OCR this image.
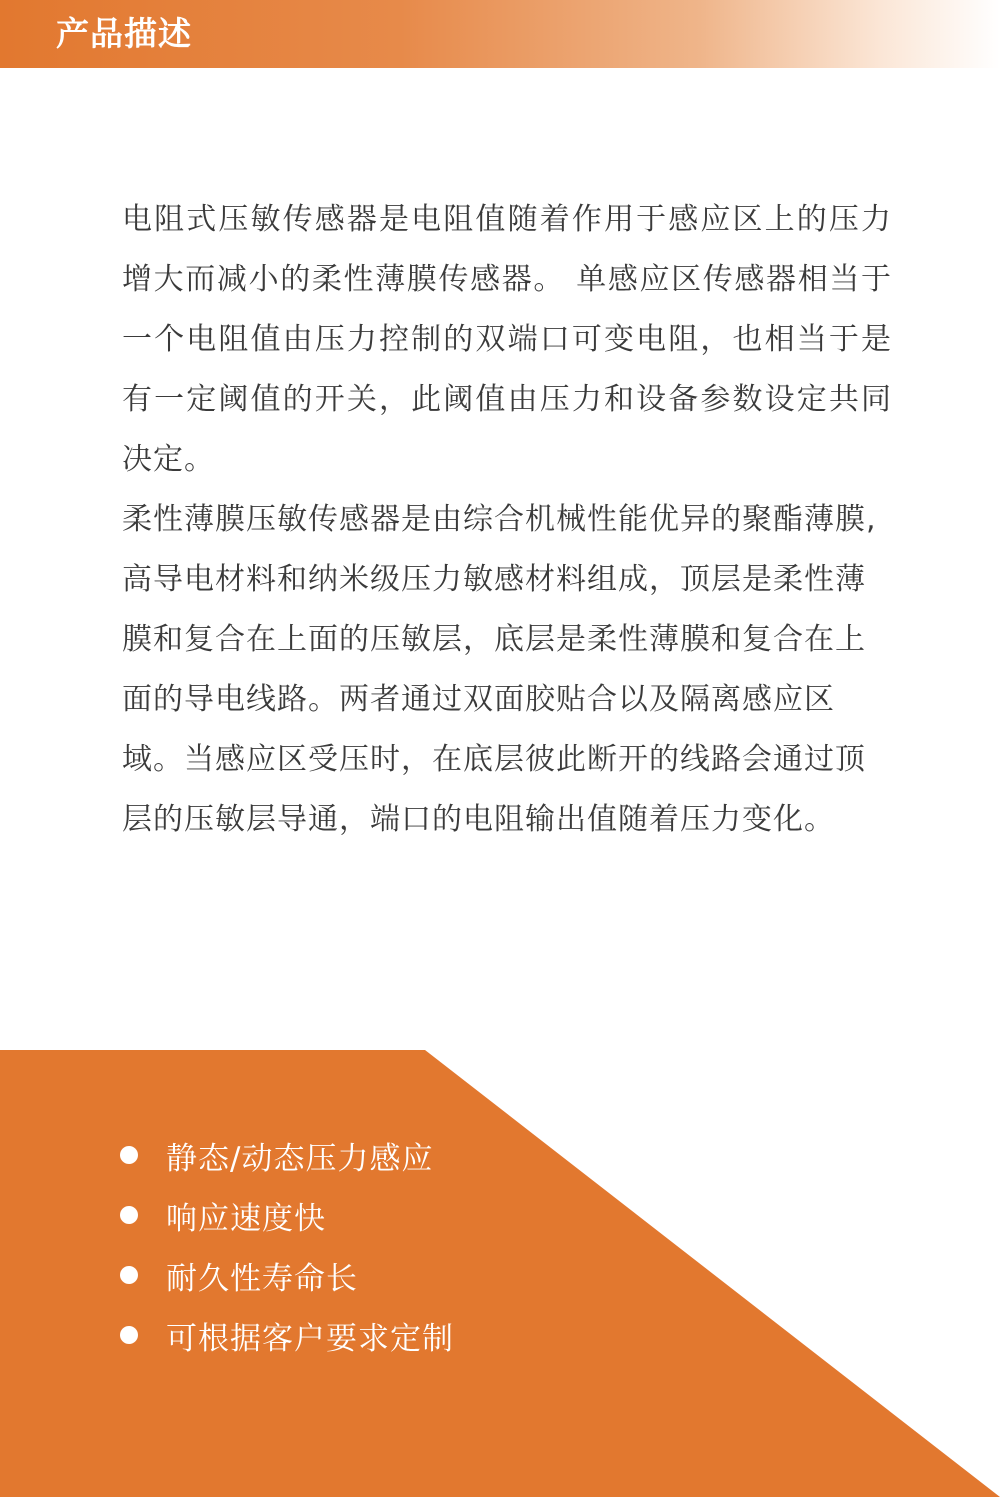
产品描述

电阻式压敏传感器是电阻值随着作用于感应区上的压力增大而减小的柔性薄膜传感器。 单感应区传感器相当于一个电阻值由压力控制的双端口可变电阻，也相当于是有一定阈值的开关，此阈值由压力和设备参数设定共同决定。

柔性薄膜压敏传感器是由综合机械性能优异的聚酯薄膜, 高导电材料和纳米级压力敏感材料组成，顶层是柔性薄膜和复合在上面的压敏层，底层是柔性薄膜和复合在上面的导电线路。两者通过双面胶贴合以及隔离感应区域。当感应区受压时，在底层彼此断开的线路会通过顶层的压敏层导通，端口的电阻输出值随着压力变化。

静态/动态压力感应
响应速度快
耐久性寿命长
可根据客户要求定制
